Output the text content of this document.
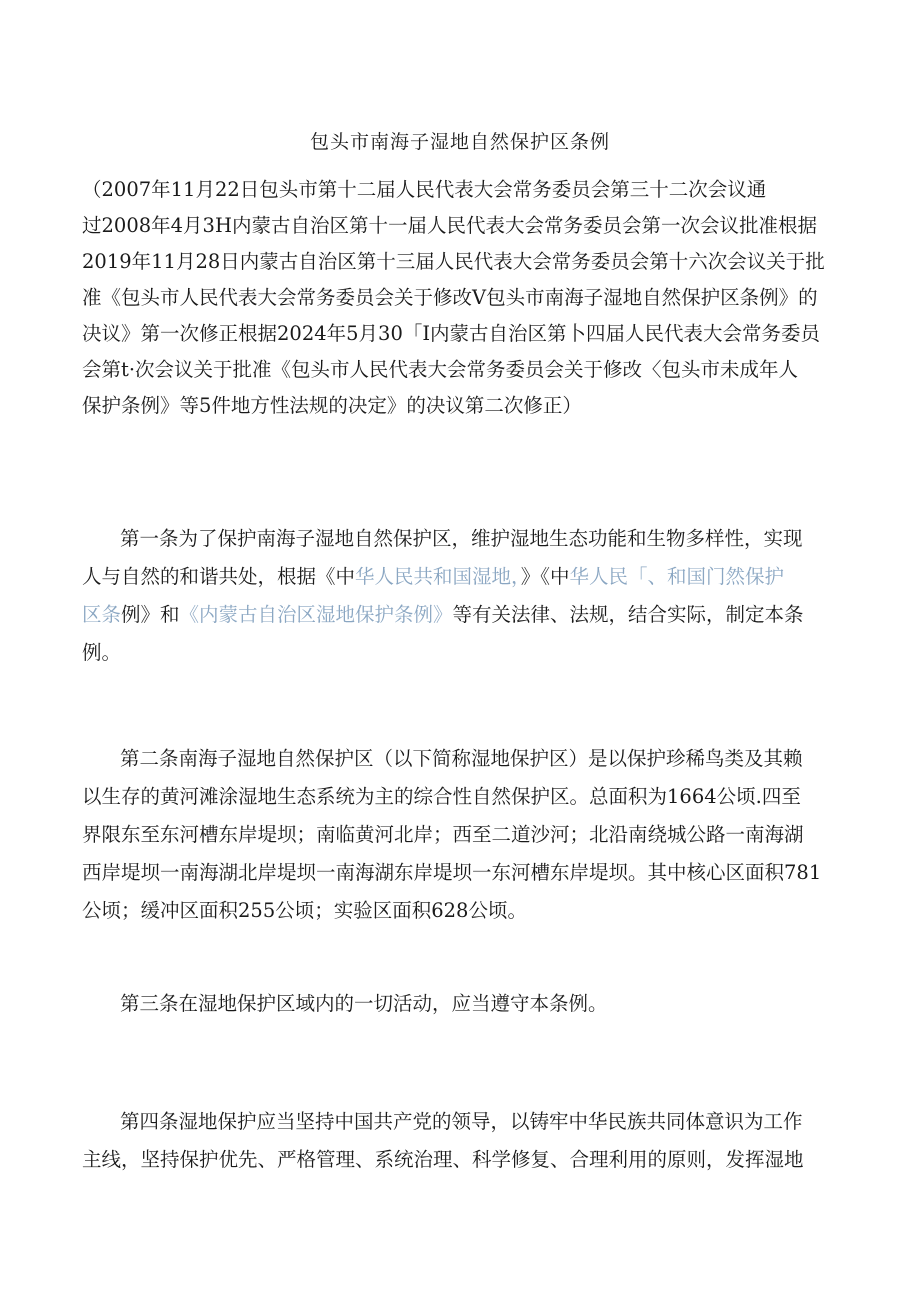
包头市南海子湿地自然保护区条例
（2007年11月22日包头市第十二届人民代表大会常务委员会第三十二次会议通
过2008年4月3H内蒙古自治区第十一届人民代表大会常务委员会第一次会议批准根据
2019年11月28日内蒙古自治区第十三届人民代表大会常务委员会第十六次会议关于批
准《包头市人民代表大会常务委员会关于修改V包头市南海子湿地自然保护区条例》的
决议》第一次修正根据2024年5月30「I内蒙古自治区第卜四届人民代表大会常务委员
会第t·次会议关于批准《包头市人民代表大会常务委员会关于修改〈包头市未成年人
保护条例》等5件地方性法规的决定》的决议第二次修正）
第一条为了保护南海子湿地自然保护区，维护湿地生态功能和生物多样性，实现
人与自然的和谐共处，根据《中华人民共和国湿地，》《中华人民「、和国门然保护
区条例》和《内蒙古自治区湿地保护条例》等有关法律、法规，结合实际，制定本条
例。
第二条南海子湿地自然保护区（以下简称湿地保护区）是以保护珍稀鸟类及其赖
以生存的黄河滩涂湿地生态系统为主的综合性自然保护区。总面积为1664公顷.四至
界限东至东河槽东岸堤坝；南临黄河北岸；西至二道沙河；北沿南绕城公路一南海湖
西岸堤坝一南海湖北岸堤坝一南海湖东岸堤坝一东河槽东岸堤坝。其中核心区面积781
公顷；缓冲区面积255公顷；实验区面积628公顷。
第三条在湿地保护区域内的一切活动，应当遵守本条例。
第四条湿地保护应当坚持中国共产党的领导，以铸牢中华民族共同体意识为工作
主线，坚持保护优先、严格管理、系统治理、科学修复、合理利用的原则，发挥湿地
